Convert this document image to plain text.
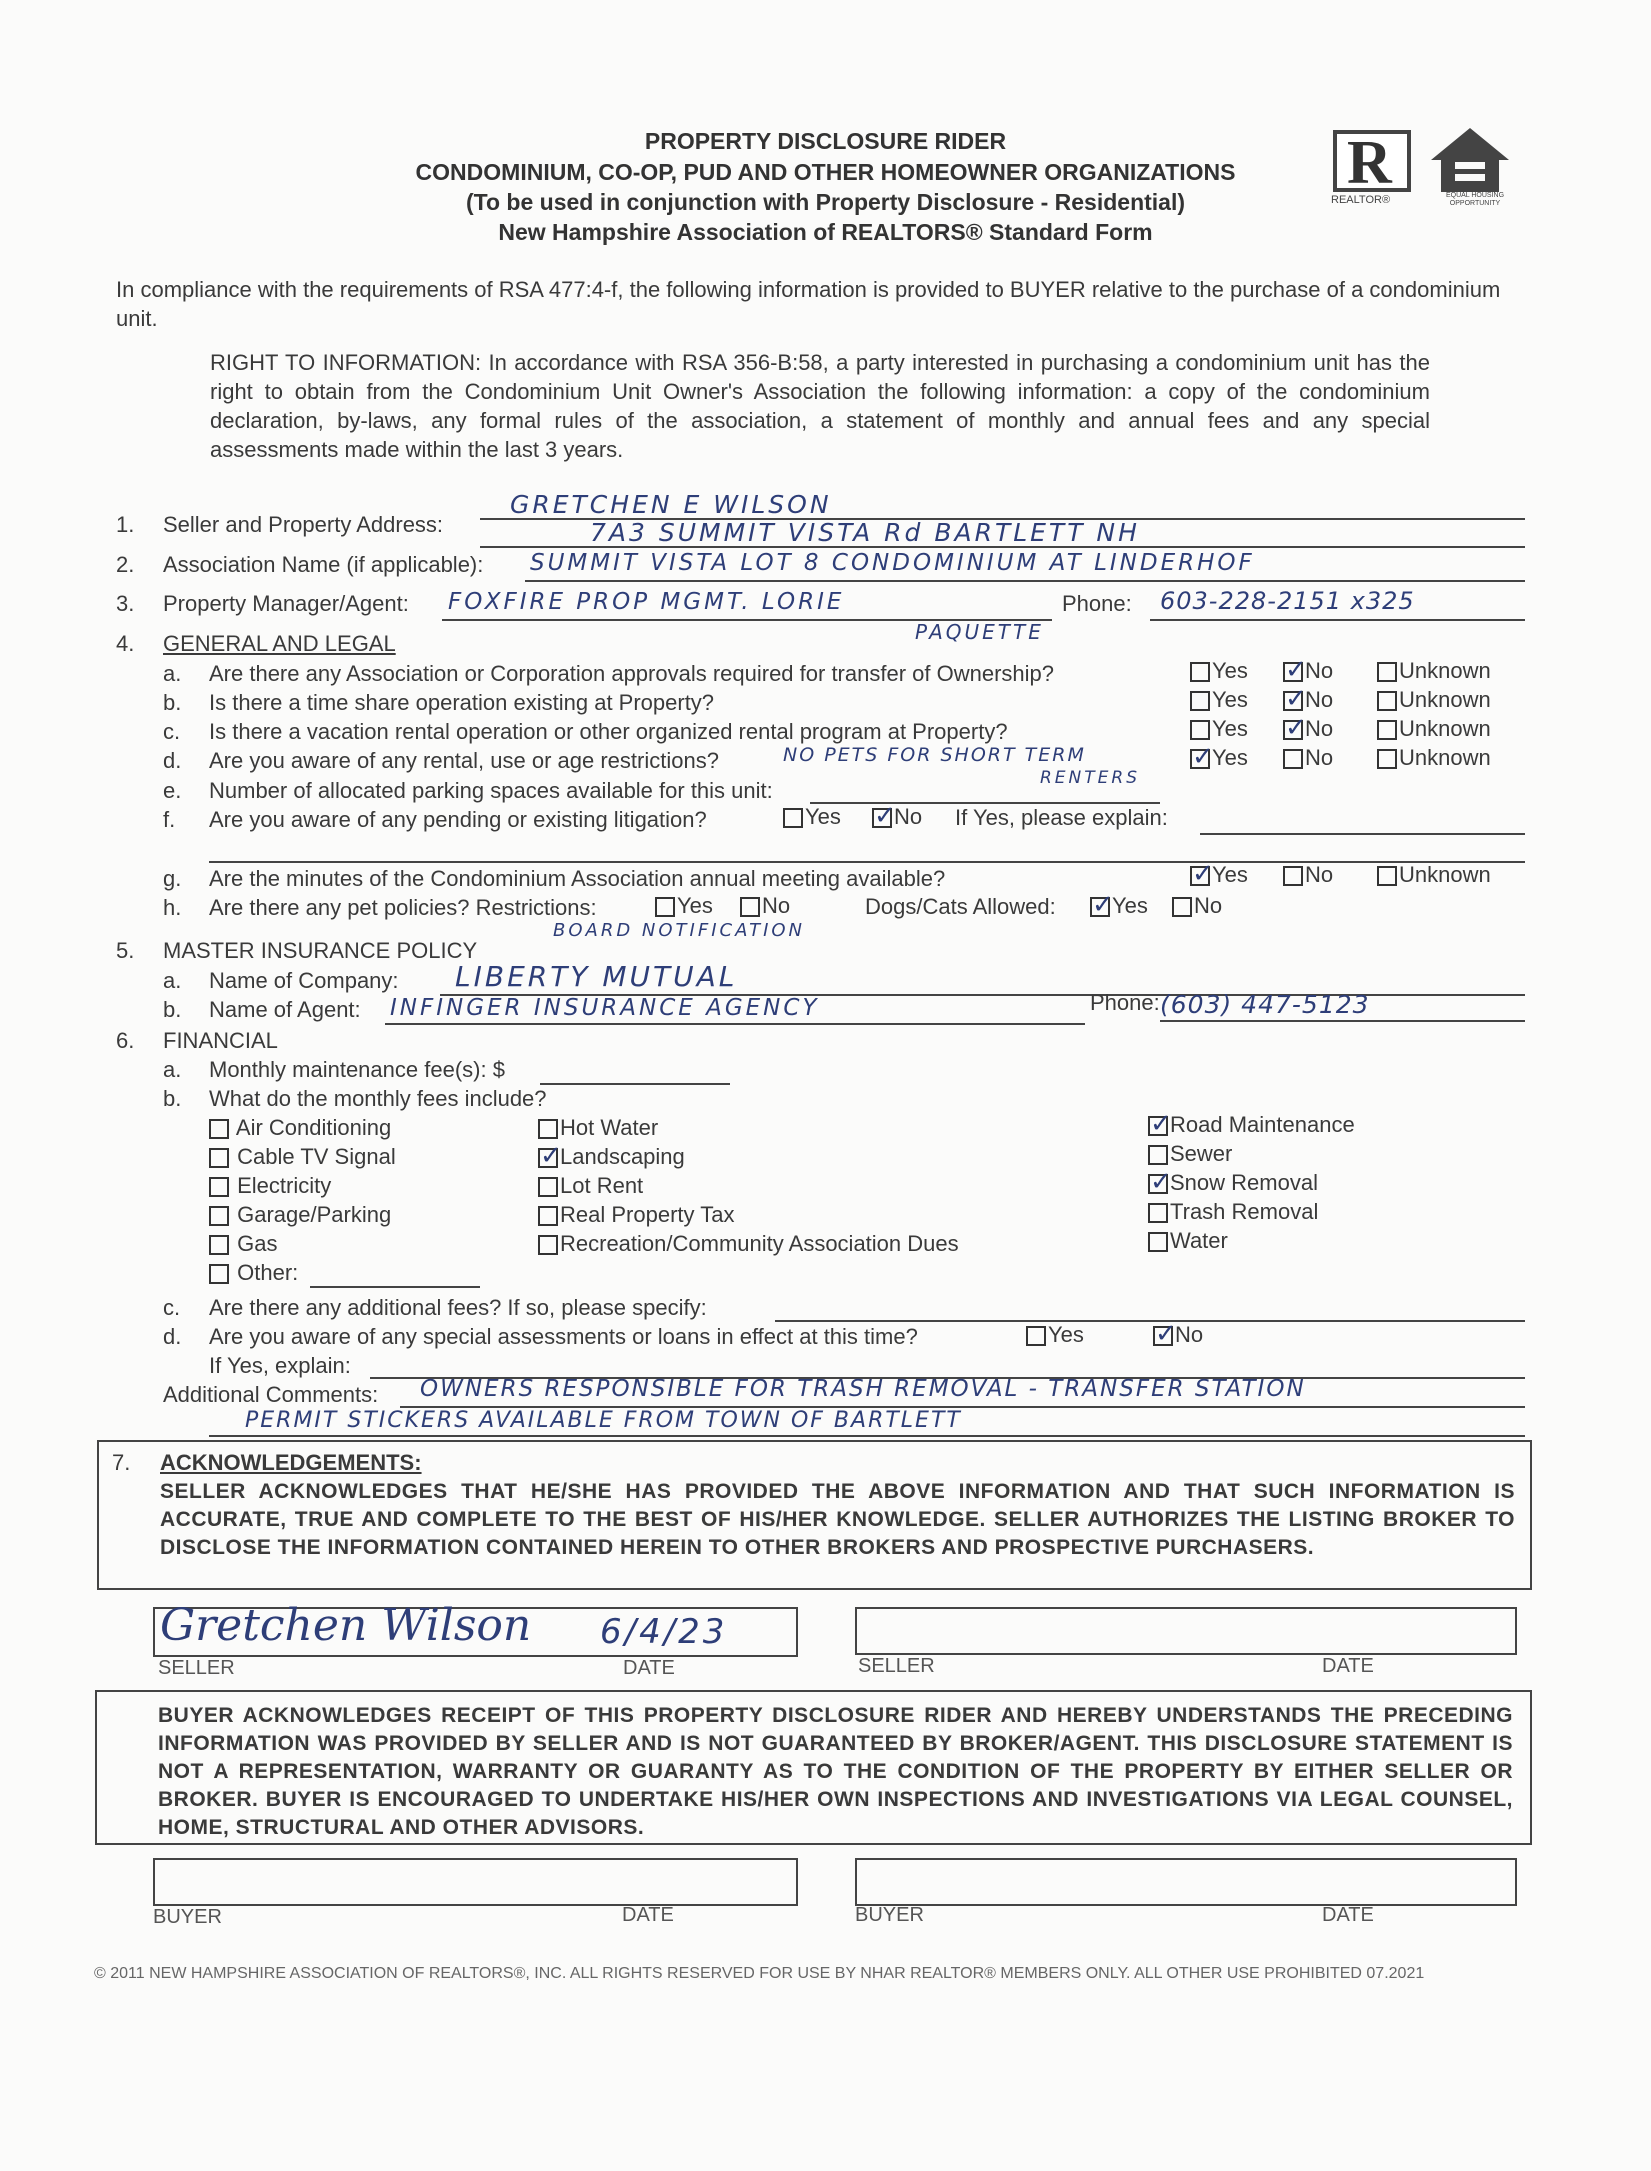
PROPERTY DISCLOSURE RIDER
CONDOMINIUM, CO-OP, PUD AND OTHER HOMEOWNER ORGANIZATIONS
(To be used in conjunction with Property Disclosure - Residential)
New Hampshire Association of REALTORS® Standard Form
R
REALTOR®	EQUAL HOUSING OPPORTUNITY
In compliance with the requirements of RSA 477:4-f, the following information is provided to BUYER relative to the purchase of a condominium unit.
RIGHT TO INFORMATION: In accordance with RSA 356-B:58, a party interested in purchasing a condominium unit has the right to obtain from the Condominium Unit Owner's Association the following information: a copy of the condominium declaration, by-laws, any formal rules of the association, a statement of monthly and annual fees and any special assessments made within the last 3 years.
1. Seller and Property Address:
GRETCHEN E WILSON
7A3 SUMMIT VISTA Rd BARTLETT NH
2. Association Name (if applicable): SUMMIT VISTA LOT 8 CONDOMINIUM AT LINDERHOF
3. Property Manager/Agent: FOXFIRE PROP MGMT. LORIE
PAQUETTE
Phone: 603-228-2151 x325
4. GENERAL AND LEGAL
a. Are there any Association or Corporation approvals required for transfer of Ownership?	Yes ✓	No	Unknown
b. Is there a time share operation existing at Property?	Yes ✓	No	Unknown
c. Is there a vacation rental operation or other organized rental program at Property?	Yes ✓	No	Unknown
d. Are you aware of any rental, use or age restrictions?	NO PETS FOR SHORT TERM
RENTERS
✓Yes	No	Unknown
e. Number of allocated parking spaces available for this unit:
f. Are you aware of any pending or existing litigation?	Yes ✓	No If Yes, please explain:
g. Are the minutes of the Condominium Association annual meeting available? ✓	Yes	No	Unknown
h. Are there any pet policies? Restrictions:	Yes	No	Dogs/Cats Allowed: ✓	Yes	No
BOARD NOTIFICATION
5. MASTER INSURANCE POLICY
a. Name of Company: LIBERTY MUTUAL
b. Name of Agent: INFINGER INSURANCE AGENCY	Phone: (603) 447-5123
6. FINANCIAL
a. Monthly maintenance fee(s): $
b. What do the monthly fees include?
Air Conditioning
Cable TV Signal
Electricity
Garage/Parking
Gas
Other:
Hot Water
✓Landscaping
Lot Rent
Real Property Tax
Recreation/Community Association Dues
✓Road Maintenance
Sewer
✓Snow Removal
Trash Removal
Water
c. Are there any additional fees? If so, please specify:
d. Are you aware of any special assessments or loans in effect at this time?	Yes ✓	No
If Yes, explain:
Additional Comments: OWNERS RESPONSIBLE FOR TRASH REMOVAL - TRANSFER STATION
PERMIT STICKERS AVAILABLE FROM TOWN OF BARTLETT
7. ACKNOWLEDGEMENTS:
SELLER ACKNOWLEDGES THAT HE/SHE HAS PROVIDED THE ABOVE INFORMATION AND THAT SUCH INFORMATION IS ACCURATE, TRUE AND COMPLETE TO THE BEST OF HIS/HER KNOWLEDGE. SELLER AUTHORIZES THE LISTING BROKER TO DISCLOSE THE INFORMATION CONTAINED HEREIN TO OTHER BROKERS AND PROSPECTIVE PURCHASERS.
Gretchen Wilson 6/4/23
SELLER	DATE	SELLER	DATE
BUYER ACKNOWLEDGES RECEIPT OF THIS PROPERTY DISCLOSURE RIDER AND HEREBY UNDERSTANDS THE PRECEDING INFORMATION WAS PROVIDED BY SELLER AND IS NOT GUARANTEED BY BROKER/AGENT. THIS DISCLOSURE STATEMENT IS NOT A REPRESENTATION, WARRANTY OR GUARANTY AS TO THE CONDITION OF THE PROPERTY BY EITHER SELLER OR BROKER. BUYER IS ENCOURAGED TO UNDERTAKE HIS/HER OWN INSPECTIONS AND INVESTIGATIONS VIA LEGAL COUNSEL, HOME, STRUCTURAL AND OTHER ADVISORS.
BUYER	DATE	BUYER	DATE
© 2011 NEW HAMPSHIRE ASSOCIATION OF REALTORS®, INC. ALL RIGHTS RESERVED FOR USE BY NHAR REALTOR® MEMBERS ONLY. ALL OTHER USE PROHIBITED 07.2021
